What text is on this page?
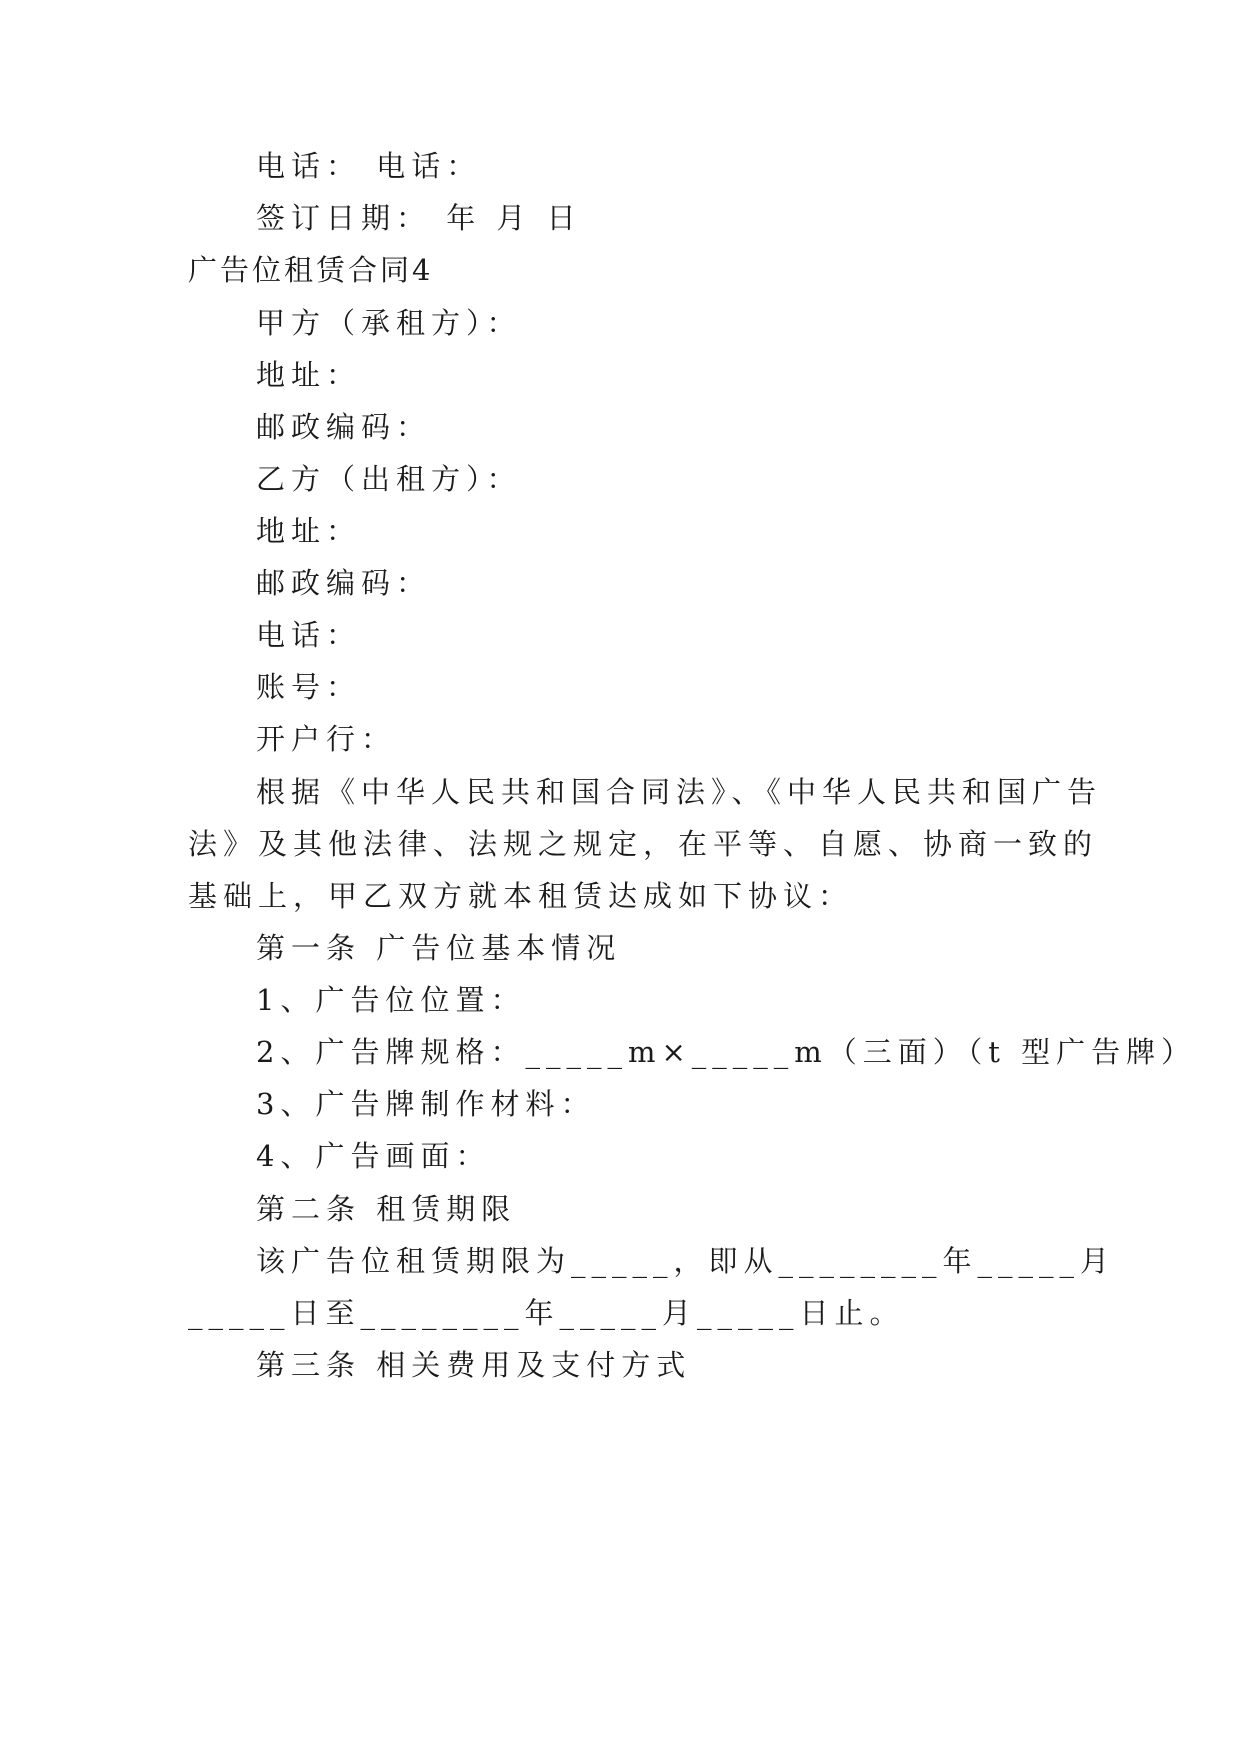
电话： 电话：
签订日期： 年 月 日
广告位租赁合同4
甲方（承租方）：
地址：
邮政编码：
乙方（出租方）：
地址：
邮政编码：
电话：
账号：
开户行：
根据《中华人民共和国合同法》、《中华人民共和国广告
法》及其他法律、法规之规定，在平等、自愿、协商一致的
基础上，甲乙双方就本租赁达成如下协议：
第一条 广告位基本情况
1、广告位位置：
2、广告牌规格：_____m×_____m（三面）（t 型广告牌）
3、广告牌制作材料：
4、广告画面：
第二条 租赁期限
该广告位租赁期限为_____，即从________年_____月
_____日至________年_____月_____日止。
第三条 相关费用及支付方式
